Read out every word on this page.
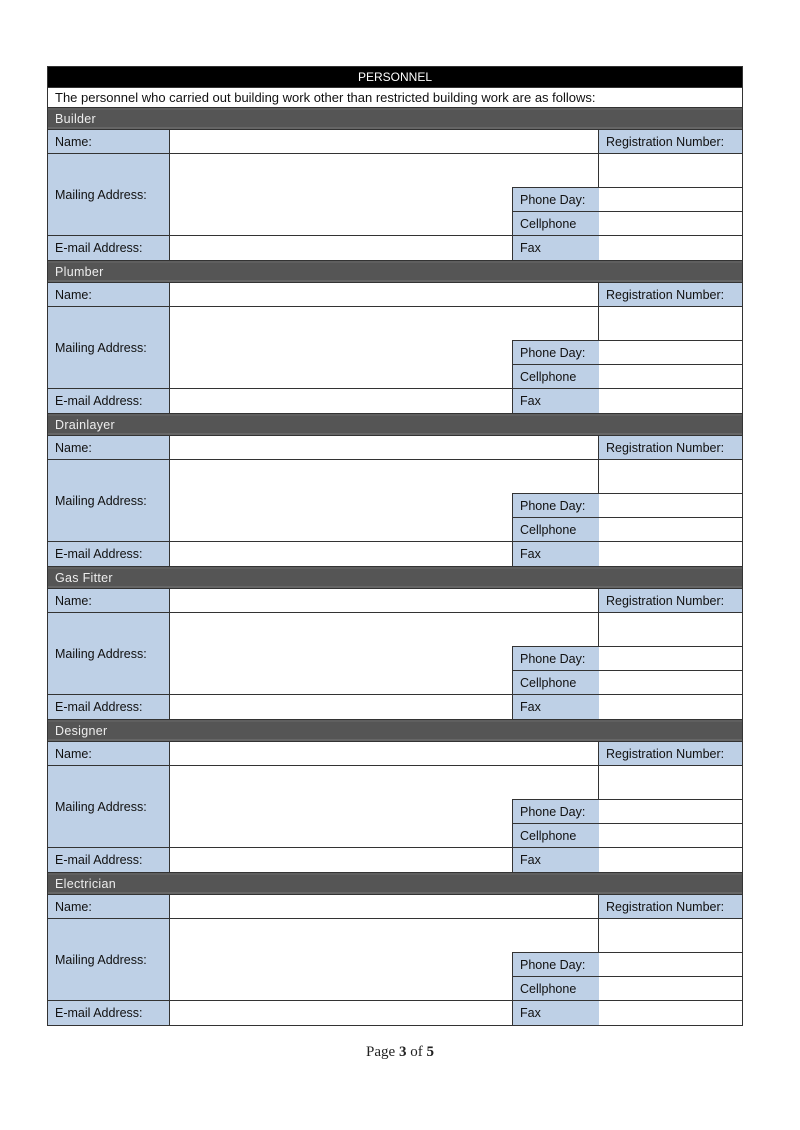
PERSONNEL
The personnel who carried out building work other than restricted building work are as follows:
Builder
Name:	Registration Number:
Mailing Address:	Phone Day:
Cellphone
E-mail Address:	Fax
Plumber
Name:	Registration Number:
Mailing Address:	Phone Day:
Cellphone
E-mail Address:	Fax
Drainlayer
Name:	Registration Number:
Mailing Address:	Phone Day:
Cellphone
E-mail Address:	Fax
Gas Fitter
Name:	Registration Number:
Mailing Address:	Phone Day:
Cellphone
E-mail Address:	Fax
Designer
Name:	Registration Number:
Mailing Address:	Phone Day:
Cellphone
E-mail Address:	Fax
Electrician
Name:	Registration Number:
Mailing Address:	Phone Day:
Cellphone
E-mail Address:	Fax
Page 3 of 5
